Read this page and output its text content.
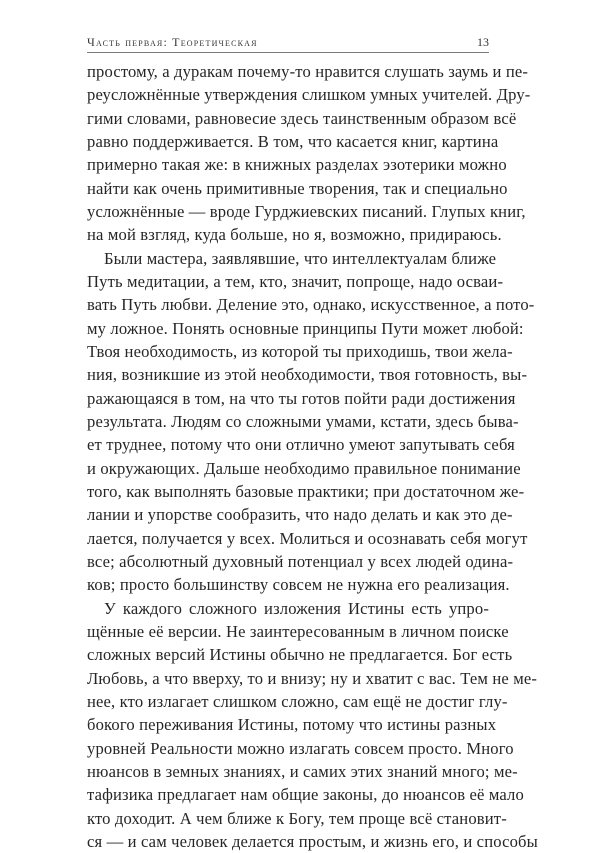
Часть первая: Теоретическая	13
простому, а дуракам почему-то нравится слушать заумь и пе-
реусложнённые утверждения слишком умных учителей. Дру-
гими словами, равновесие здесь таинственным образом всё
равно поддерживается. В том, что касается книг, картина
примерно такая же: в книжных разделах эзотерики можно
найти как очень примитивные творения, так и специально
усложнённые — вроде Гурджиевских писаний. Глупых книг,
на мой взгляд, куда больше, но я, возможно, придираюсь.
Были мастера, заявлявшие, что интеллектуалам ближе
Путь медитации, а тем, кто, значит, попроще, надо осваи-
вать Путь любви. Деление это, однако, искусственное, а пото-
му ложное. Понять основные принципы Пути может любой:
Твоя необходимость, из которой ты приходишь, твои жела-
ния, возникшие из этой необходимости, твоя готовность, вы-
ражающаяся в том, на что ты готов пойти ради достижения
результата. Людям со сложными умами, кстати, здесь быва-
ет труднее, потому что они отлично умеют запутывать себя
и окружающих. Дальше необходимо правильное понимание
того, как выполнять базовые практики; при достаточном же-
лании и упорстве сообразить, что надо делать и как это де-
лается, получается у всех. Молиться и осознавать себя могут
все; абсолютный духовный потенциал у всех людей одина-
ков; просто большинству совсем не нужна его реализация.
У каждого сложного изложения Истины есть упро-
щённые её версии. Не заинтересованным в личном поиске
сложных версий Истины обычно не предлагается. Бог есть
Любовь, а что вверху, то и внизу; ну и хватит с вас. Тем не ме-
нее, кто излагает слишком сложно, сам ещё не достиг глу-
бокого переживания Истины, потому что истины разных
уровней Реальности можно излагать совсем просто. Много
нюансов в земных знаниях, и самих этих знаний много; ме-
тафизика предлагает нам общие законы, до нюансов её мало
кто доходит. А чем ближе к Богу, тем проще всё становит-
ся — и сам человек делается простым, и жизнь его, и способы
